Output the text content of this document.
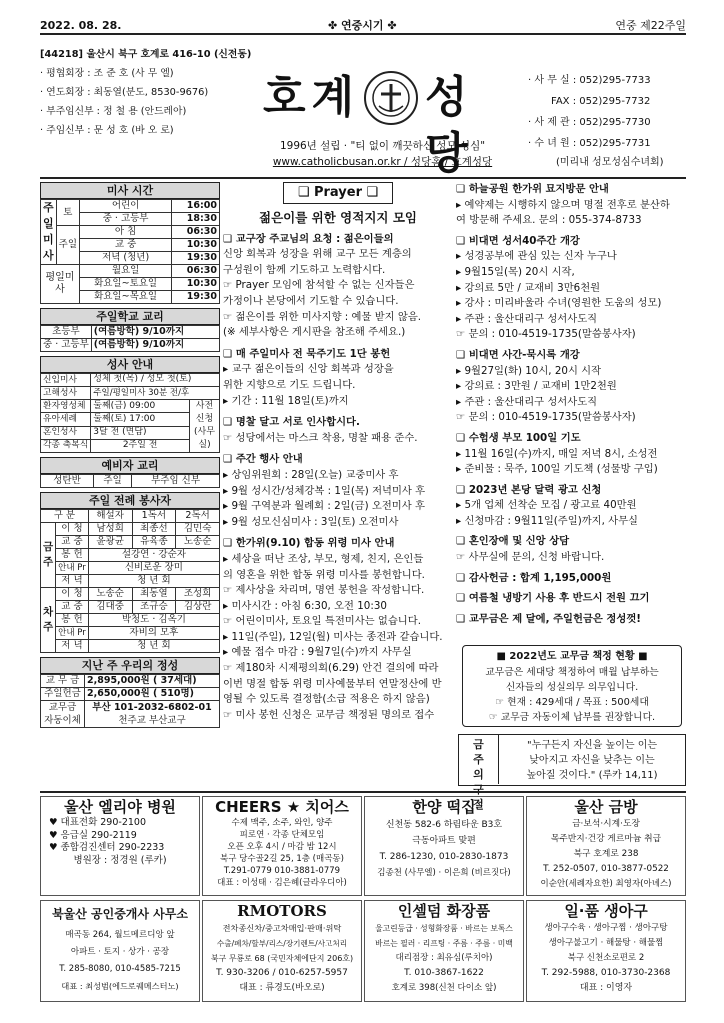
2022. 08. 28.	✤ 연중시기 ✤	연중 제22주일

[44218] 울산시 북구 호계로 416-10 (신전동)

· 평협회장 : 조 준 호 (사 무 엘)

· 연도회장 : 최동열(분도, 8530-9676)

· 부주임신부 : 정 철 용 (안드레아)

· 주임신부 : 문 성 호 (바 오 로)

호계 성당
1996년 설립 · "티 없이 깨끗하신 성모 성심"
www.catholicbusan.or.kr / 성당홈 / 호계성당

· 사 무 실 : 052)295-7733

FAX : 052)295-7732

· 사 제 관 : 052)295-7730

· 수 녀 원 : 052)295-7731

(미리내 성모성심수녀회)

미사 시간
주일미사	토	어린이	16:00
		중 · 고등부	18:30
	주일	아 침	06:30
		교 중	10:30
		저녁 (청년)	19:30
평일미사		월요일	06:30
		화요일~토요일	10:30
		화요일~목요일	19:30
주일학교 교리
초등부	(여름방학) 9/10까지
중 · 고등부	(여름방학) 9/10까지
성사 안내
신입미사	성체 첫(목) / 성모 첫(토)	
고해성사	주일/평일미사 30분 전/후	
환자영성체	둘째(금) 09:00	사전신청 (사무실)
유아세례	둘째(토) 17:00	
혼인성사	3달 전 (면담)	
각종 축복식	2주일 전	
예비자 교리
성탄반	주일	부주임 신부
주일 전례 봉사자
구 분		해설자	1독서	2독서
금주	이 청	남성희	최종선	김민숙
	교 중	윤광균	유육종	노송순
	봉 헌	설강연 · 강순자		
	안내 Pr	신비로운 장미		
	저 녁	청 년 회		
차주	이 청	노송순	최동열	조성희
	교 중	김대중	조규승	김상란
	봉 헌	박청도 · 김옥기		
	안내 Pr	자비의 모후		
	저 녁	청 년 회		
지난 주 우리의 정성
교 무 금	2,895,000원 ( 37세대)
주일헌금	2,650,000원 ( 510명)
교무금 자동이체	부산 101-2032-6802-01
천주교 부산교구
❑ Prayer ❑
젊은이를 위한 영적지지 모임

❑ 교구장 주교님의 요청 : 젊은이들의

신앙 회복과 성장을 위해 교구 모든 계층의

구성원이 함께 기도하고 노력합시다.

☞ Prayer 모임에 참석할 수 없는 신자들은

가정이나 본당에서 기도할 수 있습니다.

☞ 젊은이를 위한 미사지향 : 예물 받지 않음.

(※ 세부사항은 게시판을 참조해 주세요.)

❑ 매 주일미사 전 묵주기도 1단 봉헌

▸ 교구 젊은이들의 신앙 회복과 성장을

위한 지향으로 기도 드립니다.

▸ 기간 : 11월 18일(토)까지

❑ 명찰 달고 서로 인사합시다.

☞ 성당에서는 마스크 착용, 명찰 패용 준수.

❑ 주간 행사 안내

▸ 상임위원회 : 28일(오늘) 교중미사 후

▸ 9월 성시간/성체강복 : 1일(목) 저녁미사 후

▸ 9월 구역분과 월례회 : 2일(금) 오전미사 후

▸ 9월 성모신심미사 : 3일(토) 오전미사

❑ 한가위(9.10) 합동 위령 미사 안내

▸ 세상을 떠난 조상, 부모, 형제, 친지, 은인들

의 영혼을 위한 합동 위령 미사를 봉헌합니다.

☞ 제사상을 차리며, 명연 봉헌을 작성합니다.

▸ 미사시간 : 아침 6:30, 오전 10:30

☞ 어린이미사, 토요일 특전미사는 없습니다.

▸ 11일(주일), 12일(월) 미사는 종전과 같습니다.

▸ 예물 접수 마감 : 9월7일(수)까지 사무실

☞ 제180차 시제평의회(6.29) 안건 결의에 따라

이번 명절 합동 위령 미사예물부터 연말정산에 반

영될 수 있도록 결정함(소급 적용은 하지 않음)

☞ 미사 봉헌 신청은 교무금 책정된 명의로 접수

❑ 하늘공원 한가위 묘지방문 안내

▸ 예약제는 시행하지 않으며 명절 전후로 분산하

여 방문해 주세요. 문의 : 055-374-8733

❑ 비대면 성서40주간 개강

▸ 성경공부에 관심 있는 신자 누구나

▸ 9월15일(목) 20시 시작,

▸ 강의료 5만 / 교재비 3만6천원

▸ 강사 : 미리바울라 수녀(영원한 도움의 성모)

▸ 주관 : 울산대리구 성서사도직

☞ 문의 : 010-4519-1735(말씀봉사자)

❑ 비대면 사간-묵시록 개강

▸ 9월27일(화) 10시, 20시 시작

▸ 강의료 : 3만원 / 교재비 1만2천원

▸ 주관 : 울산대리구 성서사도직

☞ 문의 : 010-4519-1735(말씀봉사자)

❑ 수험생 부모 100일 기도

▸ 11월 16일(수)까지, 매일 저녁 8시, 소성전

▸ 준비물 : 묵주, 100일 기도책 (성물방 구입)

❑ 2023년 본당 달력 광고 신청

▸ 5개 업체 선착순 모집 / 광고료 40만원

▸ 신청마감 : 9월11일(주일)까지, 사무실

❑ 혼인장애 및 신앙 상담

☞ 사무실에 문의, 신청 바랍니다.

❑ 감사헌금 : 합계 1,195,000원

❑ 여름철 냉방기 사용 후 반드시 전원 끄기

❑ 교무금은 제 달에, 주일헌금은 정성껏!

■ 2022년도 교무금 책정 현황 ■
교무금은 세대당 책정하여 매월 납부하는
신자들의 성실의무 의무입니다.
☞ 현재 : 429세대 / 목표 : 500세대
☞ 교무금 자동이체 납부를 권장합니다.
금주의구절
"누구든지 자신을 높이는 이는
낮아지고 자신을 낮추는 이는
높아질 것이다." (루카 14,11)
울산 엘리야 병원

♥ 대표전화 290-2100

♥ 응급실 290-2119

♥ 종합검진센터 290-2233

병원장 : 정경원 (루카)

CHEERS ★ 치어스

수제 맥주, 소주, 와인, 양주

피로연 · 각종 단체모임

오픈 오후 4시 / 마감 밤 12시

북구 당수골2길 25, 1층 (매곡동)

T.291-0779 010-3881-0779

대표 : 이성태 · 김은혜(글라우디아)

한양 떡집

신천동 582-6 하림타운 B3호

극동아파트 맞편

T. 286-1230, 010-2830-1873

김종천 (사무엘) · 이은희 (비르짓다)

울산 금방

금·보석·시계·도장

목주반지·건강 게르마늄 취급

북구 호계로 238

T. 252-0507, 010-3877-0522

이순안(세례자요한) 최영자(아녜스)

북울산 공인중개사 사무소

매곡동 264, 월드메르디앙 앞

아파트 · 토지 · 상가 · 공장

T. 285-8080, 010-4585-7215

대표 : 최성범(에드로퀘메스터노)

RMOTORS

전차종신차/중고차매입·판매·위탁

수출/폐차/할부/리스/장기렌트/사고처리

북구 무룡로 68 (국민자체에단지 206호)

T. 930-3206 / 010-6257-5957

대표 : 류경도(바오로)

인셀덤 화장품

울고린등급 · 성형화장품 · 바르는 보톡스

바르는 필러 · 리프팅 · 주름 · 주름 · 미백

대리점장 : 최유심(루치아)

T. 010-3867-1622

호계로 398(신천 다이소 앞)

일·품 생아구

생아구수육 · 생아구찜 · 생아구탕

생아구불고기 · 해물탕 · 해물찜

북구 신천소로편로 2

T. 292-5988, 010-3730-2368

대표 : 이영자
